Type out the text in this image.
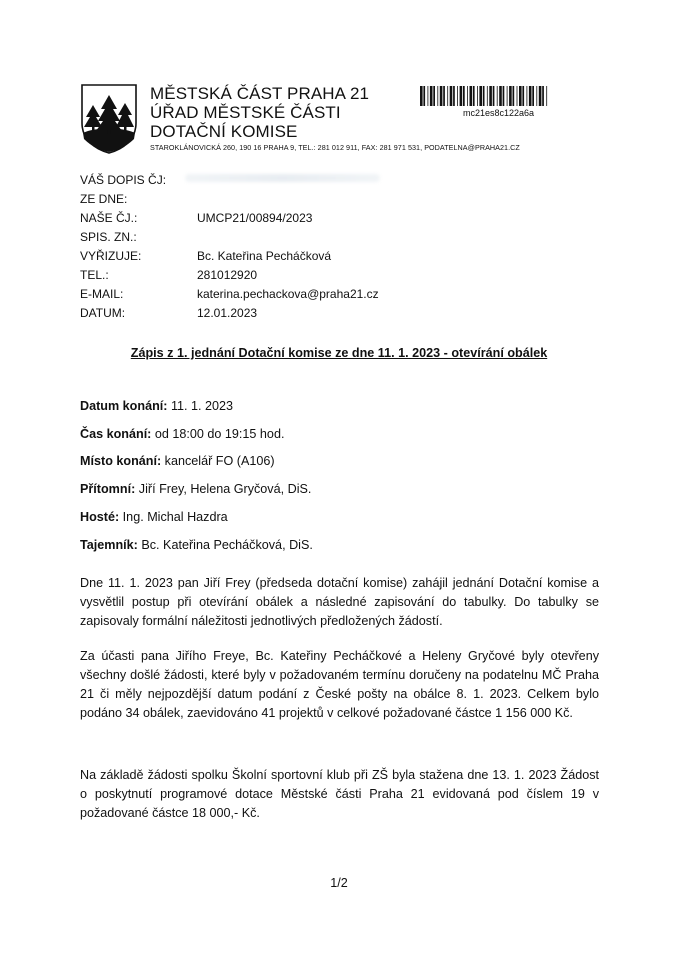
MĚSTSKÁ ČÁST PRAHA 21
ÚŘAD MĚSTSKÉ ČÁSTI
DOTAČNÍ KOMISE
STAROKLÁNOVICKÁ 260, 190 16 PRAHA 9, TEL.: 281 012 911, FAX: 281 971 531, PODATELNA@PRAHA21.CZ
mc21es8c122a6a
VÁŠ DOPIS ČJ:
ZE DNE:
NAŠE ČJ.:	UMCP21/00894/2023
SPIS. ZN.:
VYŘIZUJE:	Bc. Kateřina Pecháčková
TEL.:	281012920
E-MAIL:	katerina.pechackova@praha21.cz
DATUM:	12.01.2023
Zápis z 1. jednání Dotační komise ze dne 11. 1. 2023 - otevírání obálek
Datum konání: 11. 1. 2023
Čas konání: od 18:00 do 19:15 hod.
Místo konání: kancelář FO (A106)
Přítomní: Jiří Frey, Helena Gryčová, DiS.
Hosté: Ing. Michal Hazdra
Tajemník: Bc. Kateřina Pecháčková, DiS.
Dne 11. 1. 2023 pan Jiří Frey (předseda dotační komise) zahájil jednání Dotační komise a vysvětlil postup při otevírání obálek a následné zapisování do tabulky. Do tabulky se zapisovaly formální náležitosti jednotlivých předložených žádostí.
Za účasti pana Jiřího Freye, Bc. Kateřiny Pecháčkové a Heleny Gryčové byly otevřeny všechny došlé žádosti, které byly v požadovaném termínu doručeny na podatelnu MČ Praha 21 či měly nejpozdější datum podání z České pošty na obálce 8. 1. 2023. Celkem bylo podáno 34 obálek, zaevidováno 41 projektů v celkové požadované částce 1 156 000 Kč.
Na základě žádosti spolku Školní sportovní klub při ZŠ byla stažena dne 13. 1. 2023 Žádost o poskytnutí programové dotace Městské části Praha 21 evidovaná pod číslem 19 v požadované částce 18 000,- Kč.
1/2
